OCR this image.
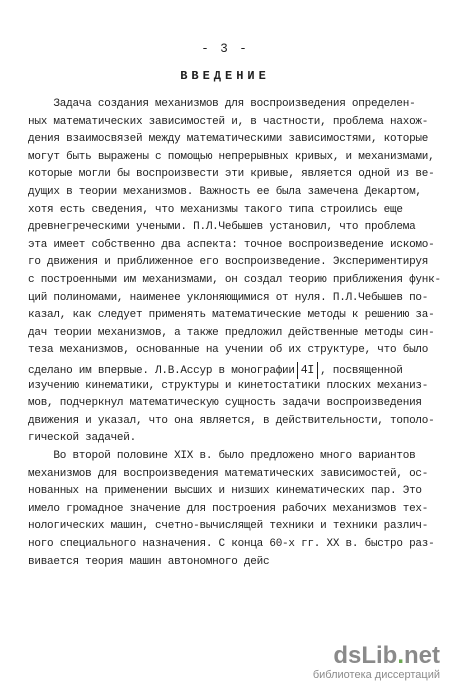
- 3 -
ВВЕДЕНИЕ
Задача создания механизмов для воспроизведения определен-
ных математических зависимостей и, в частности, проблема нахож-
дения взаимосвязей между математическими зависимостями, которые
могут быть выражены с помощью непрерывных кривых, и механизмами,
которые могли бы воспроизвести эти кривые, является одной из ве-
дущих в теории механизмов. Важность ее была замечена Декартом,
хотя есть сведения, что механизмы такого типа строились еще
древнегреческими учеными. П.Л.Чебышев установил, что проблема
эта имеет собственно два аспекта: точное воспроизведение искомо-
го движения и приближенное его воспроизведение. Экспериментируя
с построенными им механизмами, он создал теорию приближения функ-
ций полиномами, наименее уклоняющимися от нуля. П.Л.Чебышев по-
казал, как следует применять математические методы к решению за-
дач теории механизмов, а также предложил действенные методы син-
теза механизмов, основанные на учении об их структуре, что было
сделано им впервые. Л.В.Ассур в монографии 4I , посвященной
изучению кинематики, структуры и кинетостатики плоских механиз-
мов, подчеркнул математическую сущность задачи воспроизведения
движения и указал, что она является, в действительности, тополо-
гической задачей.
Во второй половине XIX в. было предложено много вариантов
механизмов для воспроизведения математических зависимостей, ос-
нованных на применении высших и низших кинематических пар. Это
имело громадное значение для построения рабочих механизмов тех-
нологических машин, счетно-вычислящей техники и техники различ-
ного специального назначения. С конца 60-х гг. XX в. быстро раз-
вивается теория машин автономного дейс
dsLib.net
библиотека диссертаций
